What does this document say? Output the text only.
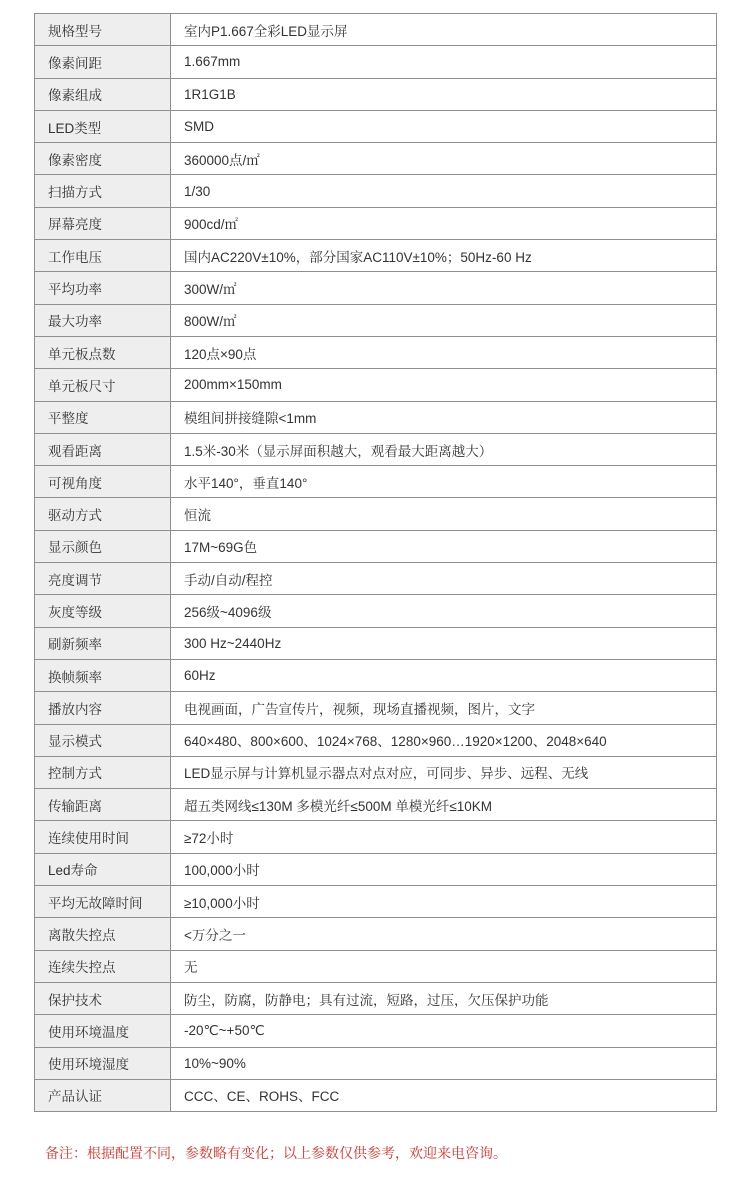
规格型号	室内P1.667全彩LED显示屏
像素间距	1.667mm
像素组成	1R1G1B
LED类型	SMD
像素密度	360000点/㎡
扫描方式	1/30
屏幕亮度	900cd/㎡
工作电压	国内AC220V±10%，部分国家AC110V±10%；50Hz-60 Hz
平均功率	300W/㎡
最大功率	800W/㎡
单元板点数	120点×90点
单元板尺寸	200mm×150mm
平整度	模组间拼接缝隙<1mm
观看距离	1.5米-30米（显示屏面积越大，观看最大距离越大）
可视角度	水平140°，垂直140°
驱动方式	恒流
显示颜色	17M~69G色
亮度调节	手动/自动/程控
灰度等级	256级~4096级
刷新频率	300 Hz~2440Hz
换帧频率	60Hz
播放内容	电视画面，广告宣传片，视频，现场直播视频，图片，文字
显示模式	640×480、800×600、1024×768、1280×960…1920×1200、2048×640
控制方式	LED显示屏与计算机显示器点对点对应，可同步、异步、远程、无线
传输距离	超五类网线≤130M 多模光纤≤500M 单模光纤≤10KM
连续使用时间	≥72小时
Led寿命	100,000小时
平均无故障时间	≥10,000小时
离散失控点	<万分之一
连续失控点	无
保护技术	防尘，防腐，防静电；具有过流，短路，过压，欠压保护功能
使用环境温度	-20℃~+50℃
使用环境湿度	10%~90%
产品认证	CCC、CE、ROHS、FCC
备注：根据配置不同，参数略有变化；以上参数仅供参考，欢迎来电咨询。
